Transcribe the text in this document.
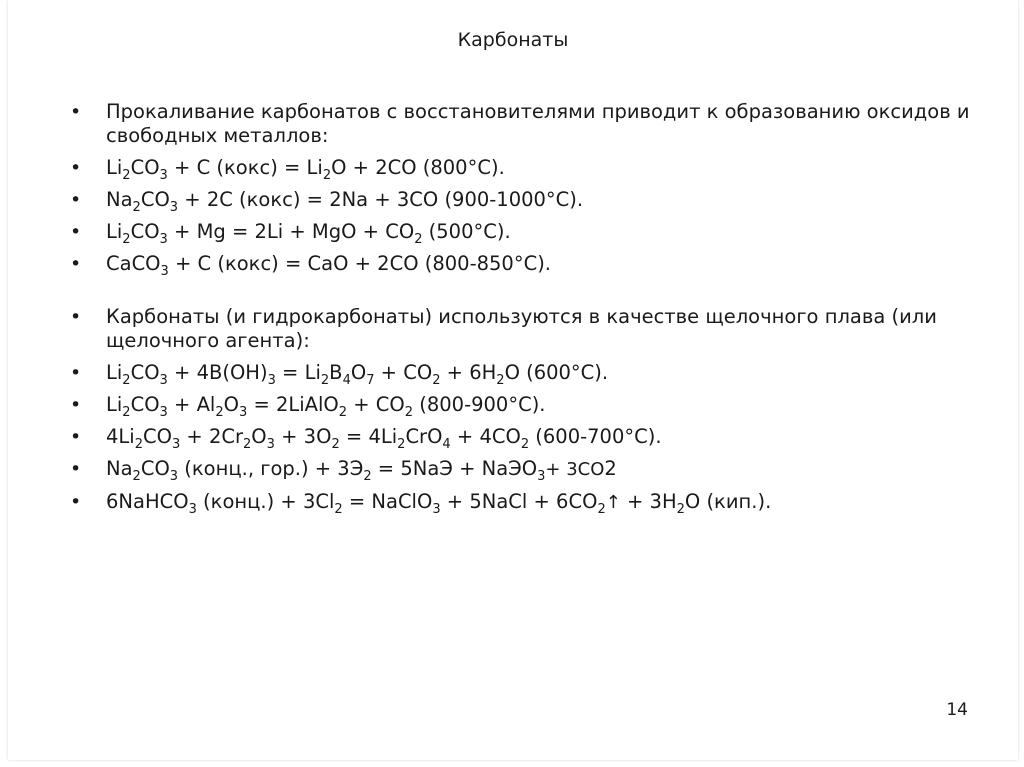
Карбонаты
• Прокаливание карбонатов с восстановителями приводит к образованию оксидов и свободных металлов:
• $Li_2CO_3 + С$ (кокс) = $Li_2O + 2CO$ (800°C).
• $Na_2CO_3 + 2С$ (кокс) = 2Na + 3CO (900-1000°C).
• $Li_2CO_3 + Mg = 2Li$ + MgO + $CO_2$ (500°C).
• CaCO$_3$ + С (кокс) = CaO + 2CO (800-850°C).
• Карбонаты (и гидрокарбонаты) используются в качестве щелочного плава (или щелочного агента):
• $Li_2CO_3 + 4B(OH)_3 = Li_2B_4O_7 + CO_2 + 6H_2O$ (600°C).
• $Li_2CO_3 + Al_2O_3$ = 2LiAlO$_2$ + $CO_2$ (800-900°C).
• $4Li_2CO_3 + 2Cr_2O_3 + 3O_2 = 4Li_2CrO_4 + 4CO_2$ (600-700°C).
• $Na_2CO_3$ (конц., $гор.) + 3Э_2 = 5NaЭ$ + NaЭO$_3$+ 3CO2
• 6NaHCO$_3$ (конц.) + $3Cl_2$ = NaClO$_3$ + 5NaCl + $6CO_2↑ + 3H_2O$ (кип.).
14
